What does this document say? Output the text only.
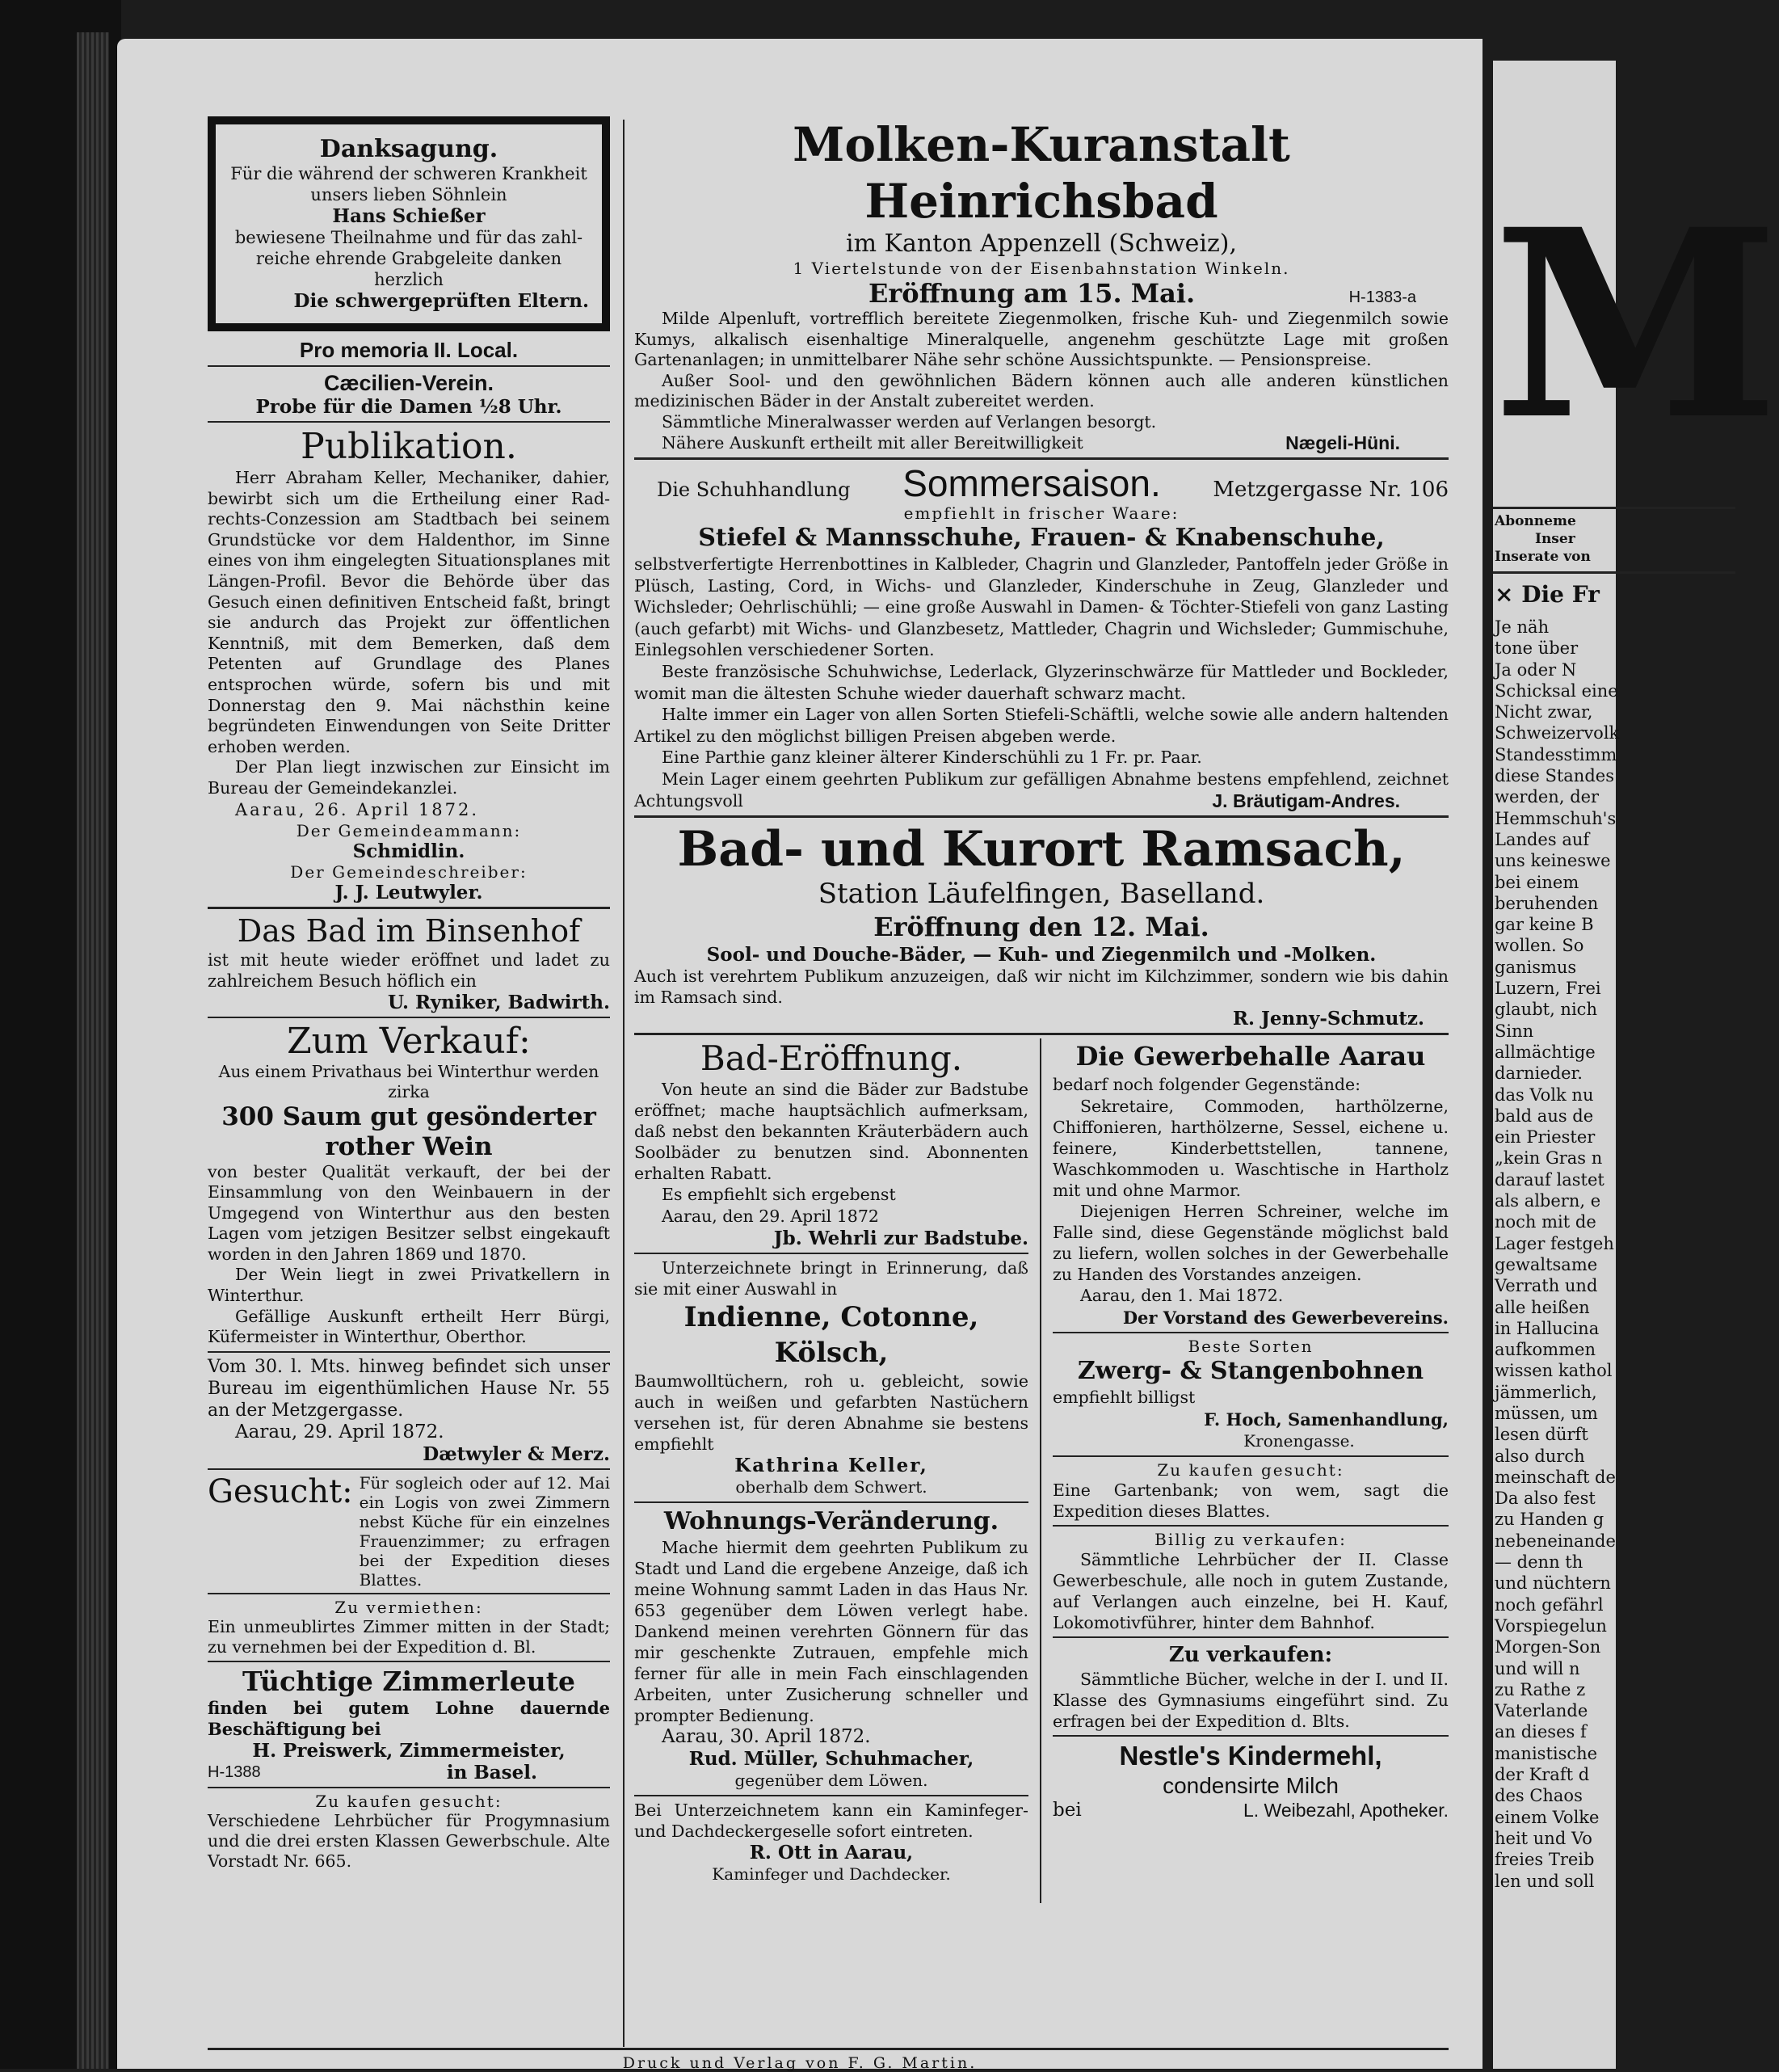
Danksagung.
Für die während der schweren Krankheit
unsers lieben Söhnlein
Hans Schießer
bewiesene Theilnahme und für das zahl-
reiche ehrende Grabgeleite danken herzlich
Die schwergeprüften Eltern.
Pro memoria II. Local.
Cæcilien-Verein.
Probe für die Damen ½8 Uhr.
Publikation.
Herr Abraham Keller, Mechaniker, dahier, bewirbt sich um die Ertheilung einer Rad-rechts-Conzession am Stadtbach bei seinem Grundstücke vor dem Haldenthor, im Sinne eines von ihm eingelegten Situationsplanes mit Längen-Profil. Bevor die Behörde über das Gesuch einen definitiven Entscheid faßt, bringt sie andurch das Projekt zur öffentlichen Kenntniß, mit dem Bemerken, daß dem Petenten auf Grundlage des Planes entsprochen würde, sofern bis und mit Donnerstag den 9. Mai nächsthin keine begründeten Einwendungen von Seite Dritter erhoben werden.
Der Plan liegt inzwischen zur Einsicht im Bureau der Gemeindekanzlei.
Aarau, 26. April 1872.
Der Gemeindeammann:
Schmidlin.
Der Gemeindeschreiber:
J. J. Leutwyler.
Das Bad im Binsenhof
ist mit heute wieder eröffnet und ladet zu zahlreichem Besuch höflich ein
U. Ryniker, Badwirth.
Zum Verkauf:
Aus einem Privathaus bei Winterthur werden zirka
300 Saum gut gesönderter rother Wein
von bester Qualität verkauft, der bei der Einsammlung von den Weinbauern in der Umgegend von Winterthur aus den besten Lagen vom jetzigen Besitzer selbst eingekauft worden in den Jahren 1869 und 1870.
Der Wein liegt in zwei Privatkellern in Winterthur.
Gefällige Auskunft ertheilt Herr Bürgi, Küfermeister in Winterthur, Oberthor.
Vom 30. l. Mts. hinweg befindet sich unser Bureau im eigenthümlichen Hause Nr. 55 an der Metzgergasse.
Aarau, 29. April 1872.
Dætwyler & Merz.
Gesucht: Für sogleich oder auf 12. Mai ein Logis von zwei Zimmern nebst Küche für ein einzelnes Frauenzimmer; zu erfragen bei der Expedition dieses Blattes.
Zu vermiethen:
Ein unmeublirtes Zimmer mitten in der Stadt; zu vernehmen bei der Expedition d. Bl.
Tüchtige Zimmerleute
finden bei gutem Lohne dauernde Beschäftigung bei
H. Preiswerk, Zimmermeister,
H-1388	in Basel.
Zu kaufen gesucht:
Verschiedene Lehrbücher für Progymnasium und die drei ersten Klassen Gewerbschule. Alte Vorstadt Nr. 665.
Molken-Kuranstalt Heinrichsbad
im Kanton Appenzell (Schweiz),
1 Viertelstunde von der Eisenbahnstation Winkeln.
Eröffnung am 15. Mai.	H-1383-a
Milde Alpenluft, vortrefflich bereitete Ziegenmolken, frische Kuh- und Ziegenmilch sowie Kumys, alkalisch eisenhaltige Mineralquelle, angenehm geschützte Lage mit großen Gartenanlagen; in unmittelbarer Nähe sehr schöne Aussichtspunkte. — Pensionspreise.
Außer Sool- und den gewöhnlichen Bädern können auch alle anderen künstlichen medizinischen Bäder in der Anstalt zubereitet werden.
Sämmtliche Mineralwasser werden auf Verlangen besorgt.
Nähere Auskunft ertheilt mit aller Bereitwilligkeit	Nægeli-Hüni.
Die Schuhhandlung Sommersaison. Metzgergasse Nr. 106
empfiehlt in frischer Waare:
Stiefel & Mannsschuhe, Frauen- & Knabenschuhe,
selbstverfertigte Herrenbottines in Kalbleder, Chagrin und Glanzleder, Pantoffeln jeder Größe in Plüsch, Lasting, Cord, in Wichs- und Glanzleder, Kinderschuhe in Zeug, Glanzleder und Wichsleder; Oehrlischühli; — eine große Auswahl in Damen- & Töchter-Stiefeli von ganz Lasting (auch gefarbt) mit Wichs- und Glanzbesetz, Mattleder, Chagrin und Wichsleder; Gummischuhe, Einlegsohlen verschiedener Sorten.
Beste französische Schuhwichse, Lederlack, Glyzerinschwärze für Mattleder und Bockleder, womit man die ältesten Schuhe wieder dauerhaft schwarz macht.
Halte immer ein Lager von allen Sorten Stiefeli-Schäftli, welche sowie alle andern haltenden Artikel zu den möglichst billigen Preisen abgeben werde.
Eine Parthie ganz kleiner älterer Kinderschühli zu 1 Fr. pr. Paar.
Mein Lager einem geehrten Publikum zur gefälligen Abnahme bestens empfehlend, zeichnet Achtungsvoll	J. Bräutigam-Andres.
Bad- und Kurort Ramsach,
Station Läufelfingen, Baselland.
Eröffnung den 12. Mai.
Sool- und Douche-Bäder, — Kuh- und Ziegenmilch und -Molken.
Auch ist verehrtem Publikum anzuzeigen, daß wir nicht im Kilchzimmer, sondern wie bis dahin im Ramsach sind.
R. Jenny-Schmutz.
Bad-Eröffnung.
Von heute an sind die Bäder zur Badstube eröffnet; mache hauptsächlich aufmerksam, daß nebst den bekannten Kräuterbädern auch Soolbäder zu benutzen sind. Abonnenten erhalten Rabatt.
Es empfiehlt sich ergebenst
Aarau, den 29. April 1872
Jb. Wehrli zur Badstube.
Unterzeichnete bringt in Erinnerung, daß sie mit einer Auswahl in
Indienne, Cotonne, Kölsch,
Baumwolltüchern, roh u. gebleicht, sowie auch in weißen und gefarbten Nastüchern versehen ist, für deren Abnahme sie bestens empfiehlt
Kathrina Keller,
oberhalb dem Schwert.
Wohnungs-Veränderung.
Mache hiermit dem geehrten Publikum zu Stadt und Land die ergebene Anzeige, daß ich meine Wohnung sammt Laden in das Haus Nr. 653 gegenüber dem Löwen verlegt habe. Dankend meinen verehrten Gönnern für das mir geschenkte Zutrauen, empfehle mich ferner für alle in mein Fach einschlagenden Arbeiten, unter Zusicherung schneller und prompter Bedienung.
Aarau, 30. April 1872.
Rud. Müller, Schuhmacher,
gegenüber dem Löwen.
Bei Unterzeichnetem kann ein Kaminfeger- und Dachdeckergeselle sofort eintreten.
R. Ott in Aarau,
Kaminfeger und Dachdecker.
Die Gewerbehalle Aarau
bedarf noch folgender Gegenstände:
Sekretaire, Commoden, harthölzerne, Chiffonieren, harthölzerne, Sessel, eichene u. feinere, Kinderbettstellen, tannene, Waschkommoden u. Waschtische in Hartholz mit und ohne Marmor.
Diejenigen Herren Schreiner, welche im Falle sind, diese Gegenstände möglichst bald zu liefern, wollen solches in der Gewerbehalle zu Handen des Vorstandes anzeigen.
Aarau, den 1. Mai 1872.
Der Vorstand des Gewerbevereins.
Beste Sorten
Zwerg- & Stangenbohnen
empfiehlt billigst
F. Hoch, Samenhandlung,
Kronengasse.
Zu kaufen gesucht:
Eine Gartenbank; von wem, sagt die Expedition dieses Blattes.
Billig zu verkaufen:
Sämmtliche Lehrbücher der II. Classe Gewerbeschule, alle noch in gutem Zustande, auf Verlangen auch einzelne, bei H. Kauf, Lokomotivführer, hinter dem Bahnhof.
Zu verkaufen:
Sämmtliche Bücher, welche in der I. und II. Klasse des Gymnasiums eingeführt sind. Zu erfragen bei der Expedition d. Blts.
Nestle's Kindermehl,
condensirte Milch
bei	L. Weibezahl, Apotheker.
Druck und Verlag von F. G. Martin.
M
Abonneme
Inser
Inserate von
× Die Fr
Je näh
tone über
Ja oder N
Schicksal eine
Nicht zwar,
Schweizervolk
Standesstimm
diese Standes
werden, der
Hemmschuh's
Landes auf
uns keineswe
bei einem
beruhenden
gar keine B
wollen. So
ganismus
Luzern, Frei
glaubt, nich
Sinn
allmächtige
darnieder.
das Volk nu
bald aus de
ein Priester
„kein Gras n
darauf lastet
als albern, e
noch mit de
Lager festgeh
gewaltsame
Verrath und
alle heißen
in Hallucina
aufkommen
wissen kathol
jämmerlich,
müssen, um
lesen dürft
also durch
meinschaft de
Da also fest
zu Handen g
nebeneinande
— denn th
und nüchtern
noch gefährl
Vorspiegelun
Morgen-Son
und will n
zu Rathe z
Vaterlande
an dieses f
manistische
der Kraft d
des Chaos
einem Volke
heit und Vo
freies Treib
len und soll
